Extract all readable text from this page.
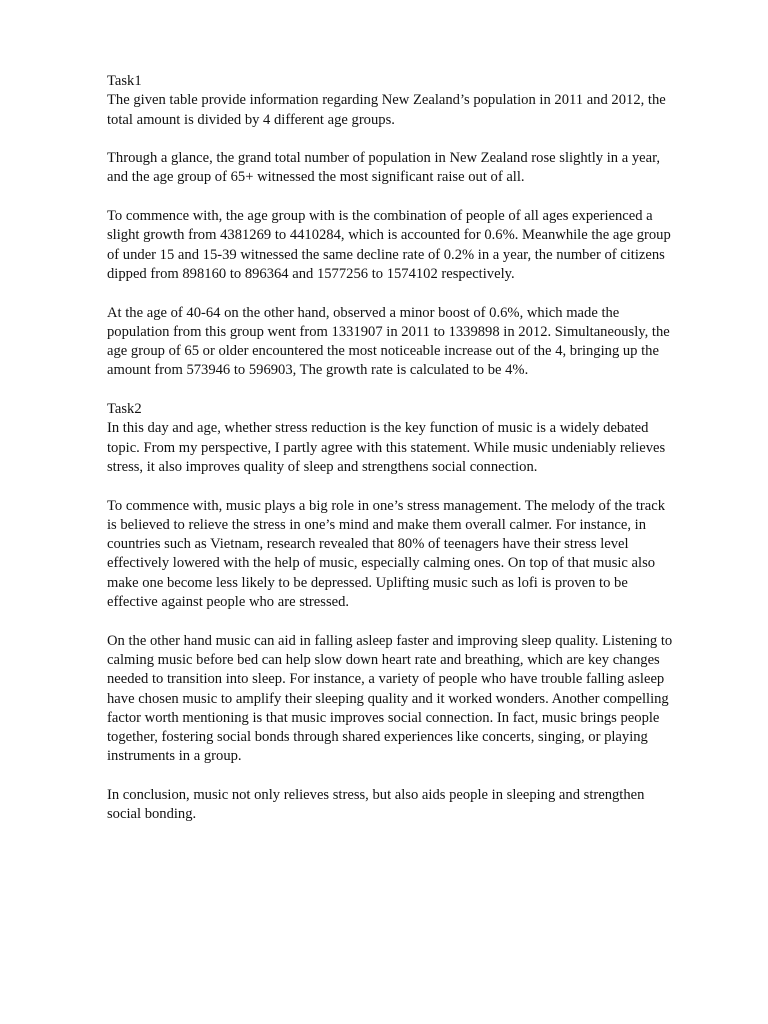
Task1
The given table provide information regarding New Zealand’s population in 2011 and 2012, the
total amount is divided by 4 different age groups.
Through a glance, the grand total number of population in New Zealand rose slightly in a year,
and the age group of 65+ witnessed the most significant raise out of all.
To commence with, the age group with is the combination of people of all ages experienced a
slight growth from 4381269 to 4410284, which is accounted for 0.6%. Meanwhile the age group
of under 15 and 15-39 witnessed the same decline rate of 0.2% in a year, the number of citizens
dipped from 898160 to 896364 and 1577256 to 1574102 respectively.
At the age of 40-64 on the other hand, observed a minor boost of 0.6%, which made the
population from this group went from 1331907 in 2011 to 1339898 in 2012. Simultaneously, the
age group of 65 or older encountered the most noticeable increase out of the 4, bringing up the
amount from 573946 to 596903, The growth rate is calculated to be 4%.
Task2
In this day and age, whether stress reduction is the key function of music is a widely debated
topic. From my perspective, I partly agree with this statement. While music undeniably relieves
stress, it also improves quality of sleep and strengthens social connection.
To commence with, music plays a big role in one’s stress management. The melody of the track
is believed to relieve the stress in one’s mind and make them overall calmer. For instance, in
countries such as Vietnam, research revealed that 80% of teenagers have their stress level
effectively lowered with the help of music, especially calming ones. On top of that music also
make one become less likely to be depressed. Uplifting music such as lofi is proven to be
effective against people who are stressed.
On the other hand music can aid in falling asleep faster and improving sleep quality. Listening to
calming music before bed can help slow down heart rate and breathing, which are key changes
needed to transition into sleep. For instance, a variety of people who have trouble falling asleep
have chosen music to amplify their sleeping quality and it worked wonders. Another compelling
factor worth mentioning is that music improves social connection. In fact, music brings people
together, fostering social bonds through shared experiences like concerts, singing, or playing
instruments in a group.
In conclusion, music not only relieves stress, but also aids people in sleeping and strengthen
social bonding.
